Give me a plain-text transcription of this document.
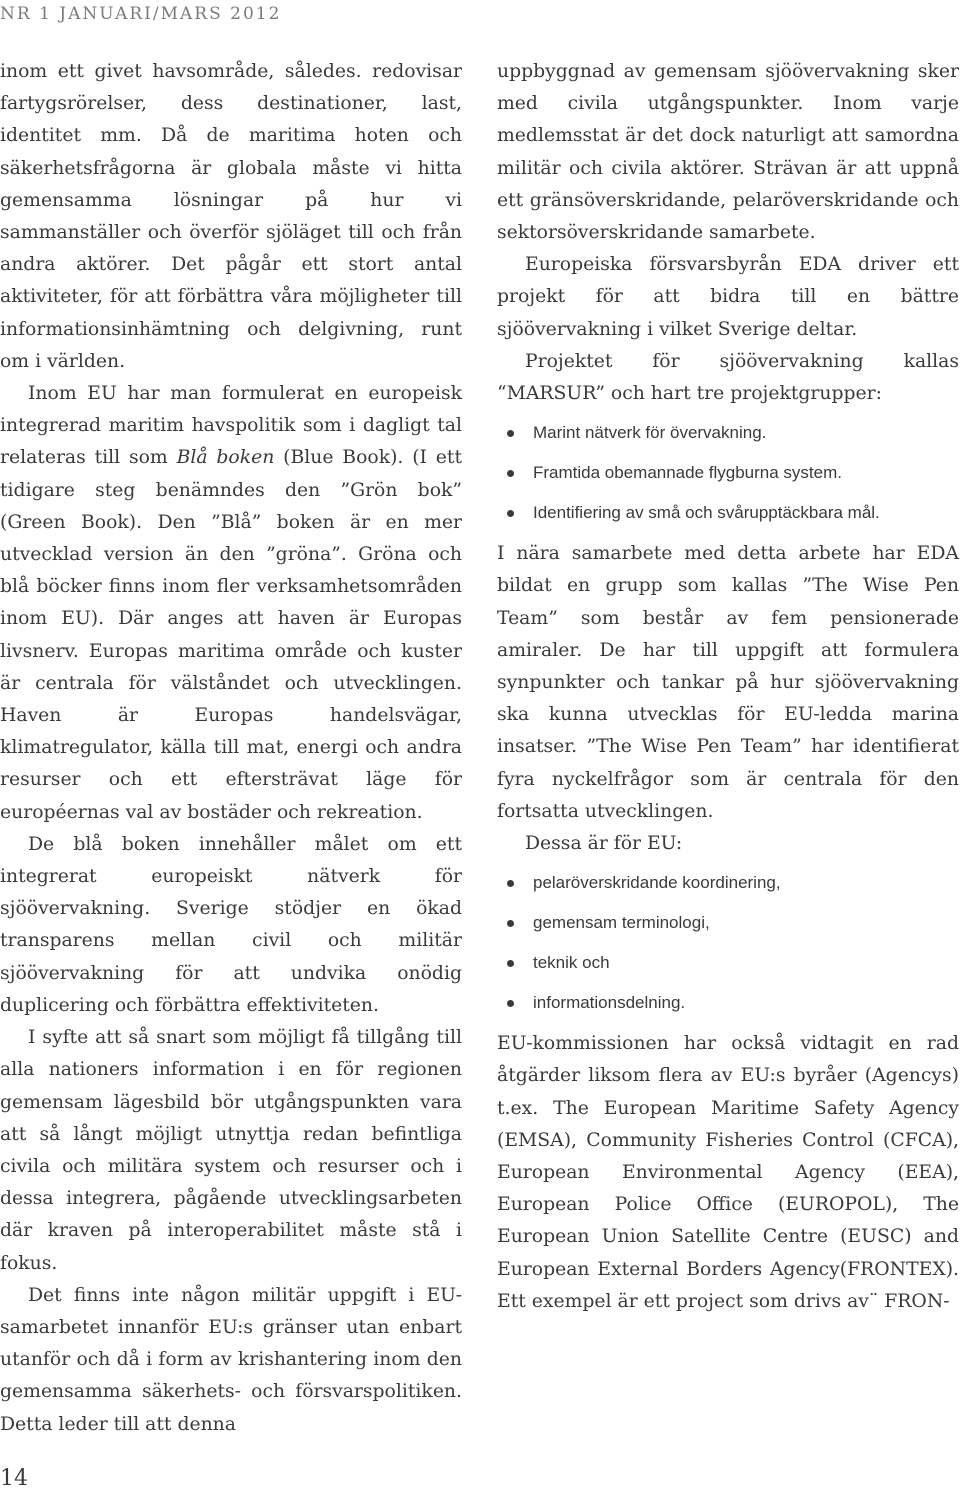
NR 1 JANUARI/MARS 2012

inom ett givet havsområde, således. redovisar fartygsrörelser, dess destinationer, last, identitet mm. Då de maritima hoten och säkerhetsfrågorna är globala måste vi hitta gemensamma lösningar på hur vi sammanställer och överför sjöläget till och från andra aktörer. Det pågår ett stort antal aktiviteter, för att förbättra våra möjligheter till informationsinhämtning och delgivning, runt om i världen.

Inom EU har man formulerat en europeisk integrerad maritim havspolitik som i dagligt tal relateras till som Blå boken (Blue Book). (I ett tidigare steg benämndes den ”Grön bok” (Green Book). Den ”Blå” boken är en mer utvecklad version än den ”gröna”. Gröna och blå böcker finns inom fler verksamhetsområden inom EU). Där anges att haven är Europas livsnerv. Europas maritima område och kuster är centrala för välståndet och utvecklingen. Haven är Europas handelsvägar, klimatregulator, källa till mat, energi och andra resurser och ett eftersträvat läge för européernas val av bostäder och rekreation.

De blå boken innehåller målet om ett integrerat europeiskt nätverk för sjöövervakning. Sverige stödjer en ökad transparens mellan civil och militär sjöövervakning för att undvika onödig duplicering och förbättra effektiviteten.

I syfte att så snart som möjligt få tillgång till alla nationers information i en för regionen gemensam lägesbild bör utgångspunkten vara att så långt möjligt utnyttja redan befintliga civila och militära system och resurser och i dessa integrera, pågående utvecklingsarbeten där kraven på interoperabilitet måste stå i fokus.

Det finns inte någon militär uppgift i EU-samarbetet innanför EU:s gränser utan enbart utanför och då i form av krishantering inom den gemensamma säkerhets- och försvarspolitiken. Detta leder till att denna

uppbyggnad av gemensam sjöövervakning sker med civila utgångspunkter. Inom varje medlemsstat är det dock naturligt att samordna militär och civila aktörer. Strävan är att uppnå ett gränsöverskridande, pelaröverskridande och sektorsöverskridande samarbete.

Europeiska försvarsbyrån EDA driver ett projekt för att bidra till en bättre sjöövervakning i vilket Sverige deltar.

Projektet för sjöövervakning kallas “MARSUR” och hart tre projektgrupper:

Marint nätverk för övervakning.
Framtida obemannade flygburna system.
Identifiering av små och svårupptäckbara mål.

I nära samarbete med detta arbete har EDA bildat en grupp som kallas ”The Wise Pen Team” som består av fem pensionerade amiraler. De har till uppgift att formulera synpunkter och tankar på hur sjöövervakning ska kunna utvecklas för EU-ledda marina insatser. ”The Wise Pen Team” har identifierat fyra nyckelfrågor som är centrala för den fortsatta utvecklingen.

Dessa är för EU:

pelaröverskridande koordinering,
gemensam terminologi,
teknik och
informationsdelning.

EU-kommissionen har också vidtagit en rad åtgärder liksom flera av EU:s byråer (Agencys) t.ex. The European Maritime Safety Agency (EMSA), Community Fisheries Control (CFCA), European Environmental Agency (EEA), European Police Office (EUROPOL), The European Union Satellite Centre (EUSC) and European External Borders Agency(FRONTEX). Ett exempel är ett project som drivs av¨ FRON-

14
